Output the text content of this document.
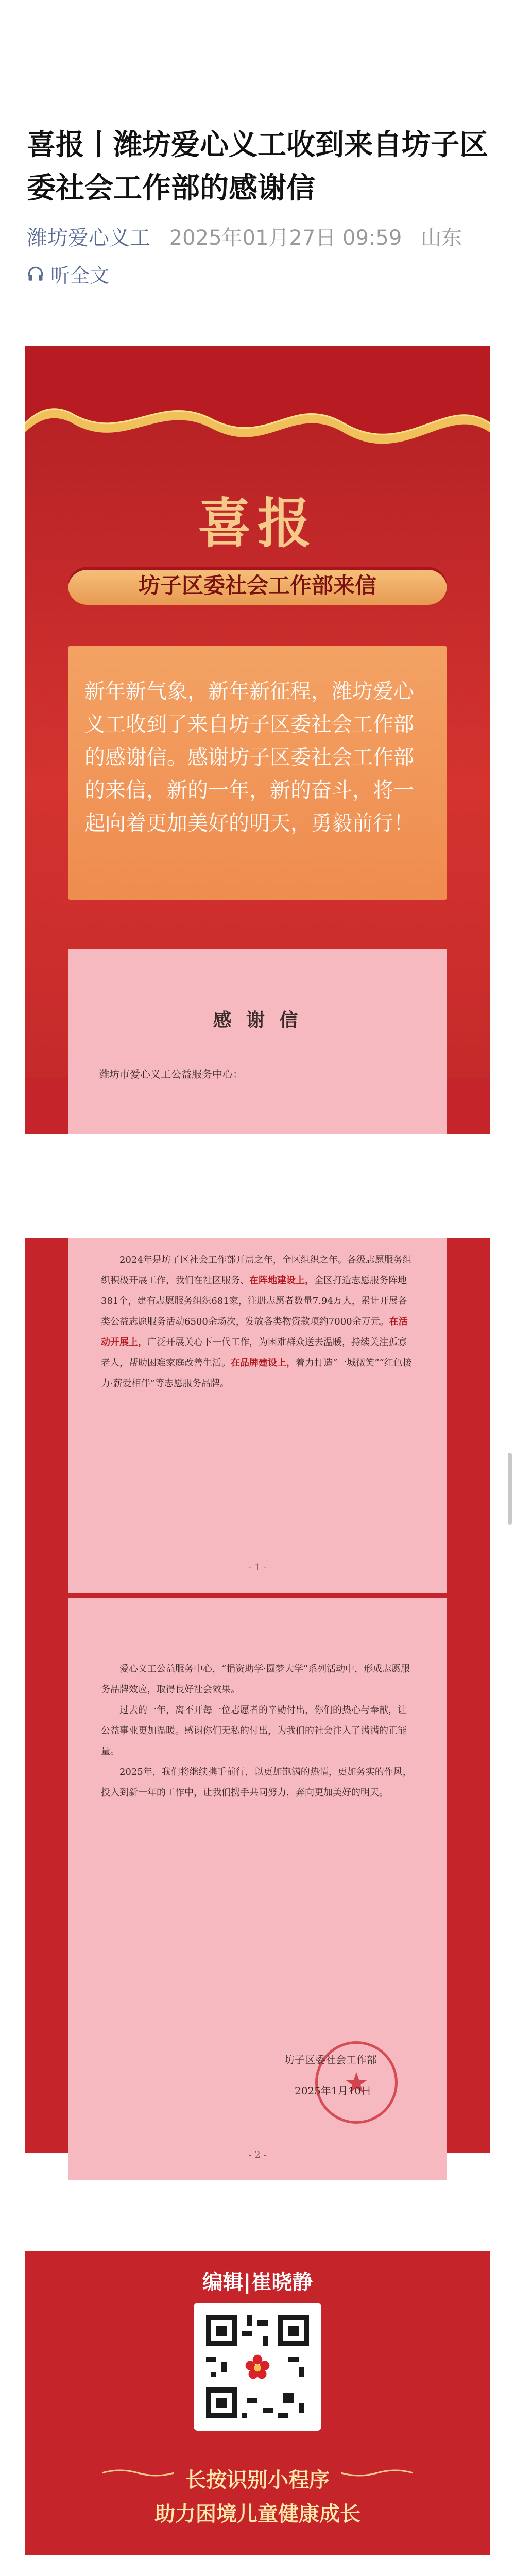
喜报丨潍坊爱心义工收到来自坊子区委社会工作部的感谢信
潍坊爱心义工 2025年01月27日 09:59 山东
听全文
喜报
坊子区委社会工作部来信
新年新气象，新年新征程，潍坊爱心义工收到了来自坊子区委社会工作部的感谢信。感谢坊子区委社会工作部的来信，新的一年，新的奋斗，将一起向着更加美好的明天，勇毅前行！
感 谢 信
潍坊市爱心义工公益服务中心：

2024年是坊子区社会工作部开局之年，全区组织之年。各级志愿服务组织积极开展工作，我们在社区服务、在阵地建设上，全区打造志愿服务阵地381个，建有志愿服务组织681家，注册志愿者数量7.94万人，累计开展各类公益志愿服务活动6500余场次，发放各类物资款项约7000余万元。在活动开展上，广泛开展关心下一代工作，为困难群众送去温暖，持续关注孤寡老人，帮助困难家庭改善生活。在品牌建设上，着力打造“一城微笑”“红色接力·薪爱相伴”等志愿服务品牌。

- 1 -

爱心义工公益服务中心，“捐资助学·圆梦大学”系列活动中，形成志愿服务品牌效应，取得良好社会效果。

过去的一年，离不开每一位志愿者的辛勤付出，你们的热心与奉献，让公益事业更加温暖。感谢你们无私的付出，为我们的社会注入了满满的正能量。

2025年，我们将继续携手前行，以更加饱满的热情，更加务实的作风，投入到新一年的工作中，让我们携手共同努力，奔向更加美好的明天。

★
坊子区委社会工作部
2025年1月10日
- 2 -
编辑|崔晓静
长按识别小程序
助力困境儿童健康成长
